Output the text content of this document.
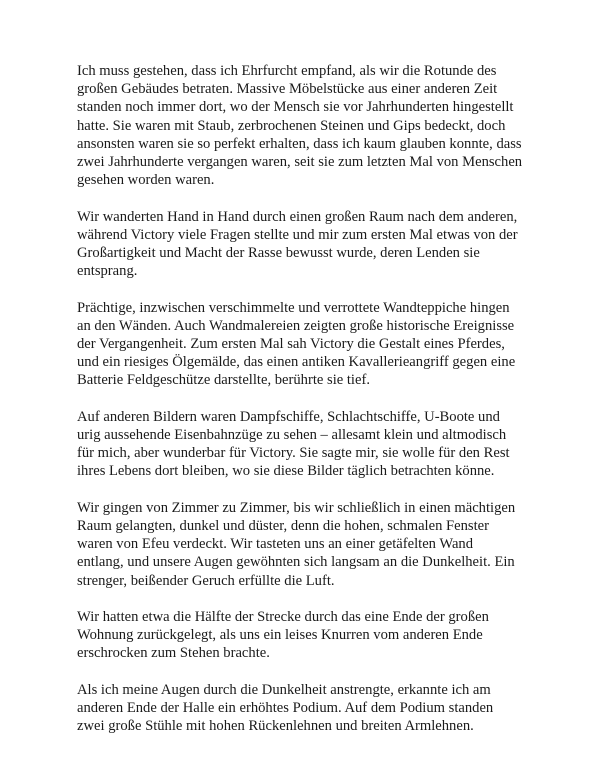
Ich muss gestehen, dass ich Ehrfurcht empfand, als wir die Rotunde des
großen Gebäudes betraten. Massive Möbelstücke aus einer anderen Zeit
standen noch immer dort, wo der Mensch sie vor Jahrhunderten hingestellt
hatte. Sie waren mit Staub, zerbrochenen Steinen und Gips bedeckt, doch
ansonsten waren sie so perfekt erhalten, dass ich kaum glauben konnte, dass
zwei Jahrhunderte vergangen waren, seit sie zum letzten Mal von Menschen
gesehen worden waren.

Wir wanderten Hand in Hand durch einen großen Raum nach dem anderen,
während Victory viele Fragen stellte und mir zum ersten Mal etwas von der
Großartigkeit und Macht der Rasse bewusst wurde, deren Lenden sie
entsprang.

Prächtige, inzwischen verschimmelte und verrottete Wandteppiche hingen
an den Wänden. Auch Wandmalereien zeigten große historische Ereignisse
der Vergangenheit. Zum ersten Mal sah Victory die Gestalt eines Pferdes,
und ein riesiges Ölgemälde, das einen antiken Kavallerieangriff gegen eine
Batterie Feldgeschütze darstellte, berührte sie tief.

Auf anderen Bildern waren Dampfschiffe, Schlachtschiffe, U-Boote und
urig aussehende Eisenbahnzüge zu sehen – allesamt klein und altmodisch
für mich, aber wunderbar für Victory. Sie sagte mir, sie wolle für den Rest
ihres Lebens dort bleiben, wo sie diese Bilder täglich betrachten könne.

Wir gingen von Zimmer zu Zimmer, bis wir schließlich in einen mächtigen
Raum gelangten, dunkel und düster, denn die hohen, schmalen Fenster
waren von Efeu verdeckt. Wir tasteten uns an einer getäfelten Wand
entlang, und unsere Augen gewöhnten sich langsam an die Dunkelheit. Ein
strenger, beißender Geruch erfüllte die Luft.

Wir hatten etwa die Hälfte der Strecke durch das eine Ende der großen
Wohnung zurückgelegt, als uns ein leises Knurren vom anderen Ende
erschrocken zum Stehen brachte.

Als ich meine Augen durch die Dunkelheit anstrengte, erkannte ich am
anderen Ende der Halle ein erhöhtes Podium. Auf dem Podium standen
zwei große Stühle mit hohen Rückenlehnen und breiten Armlehnen.
